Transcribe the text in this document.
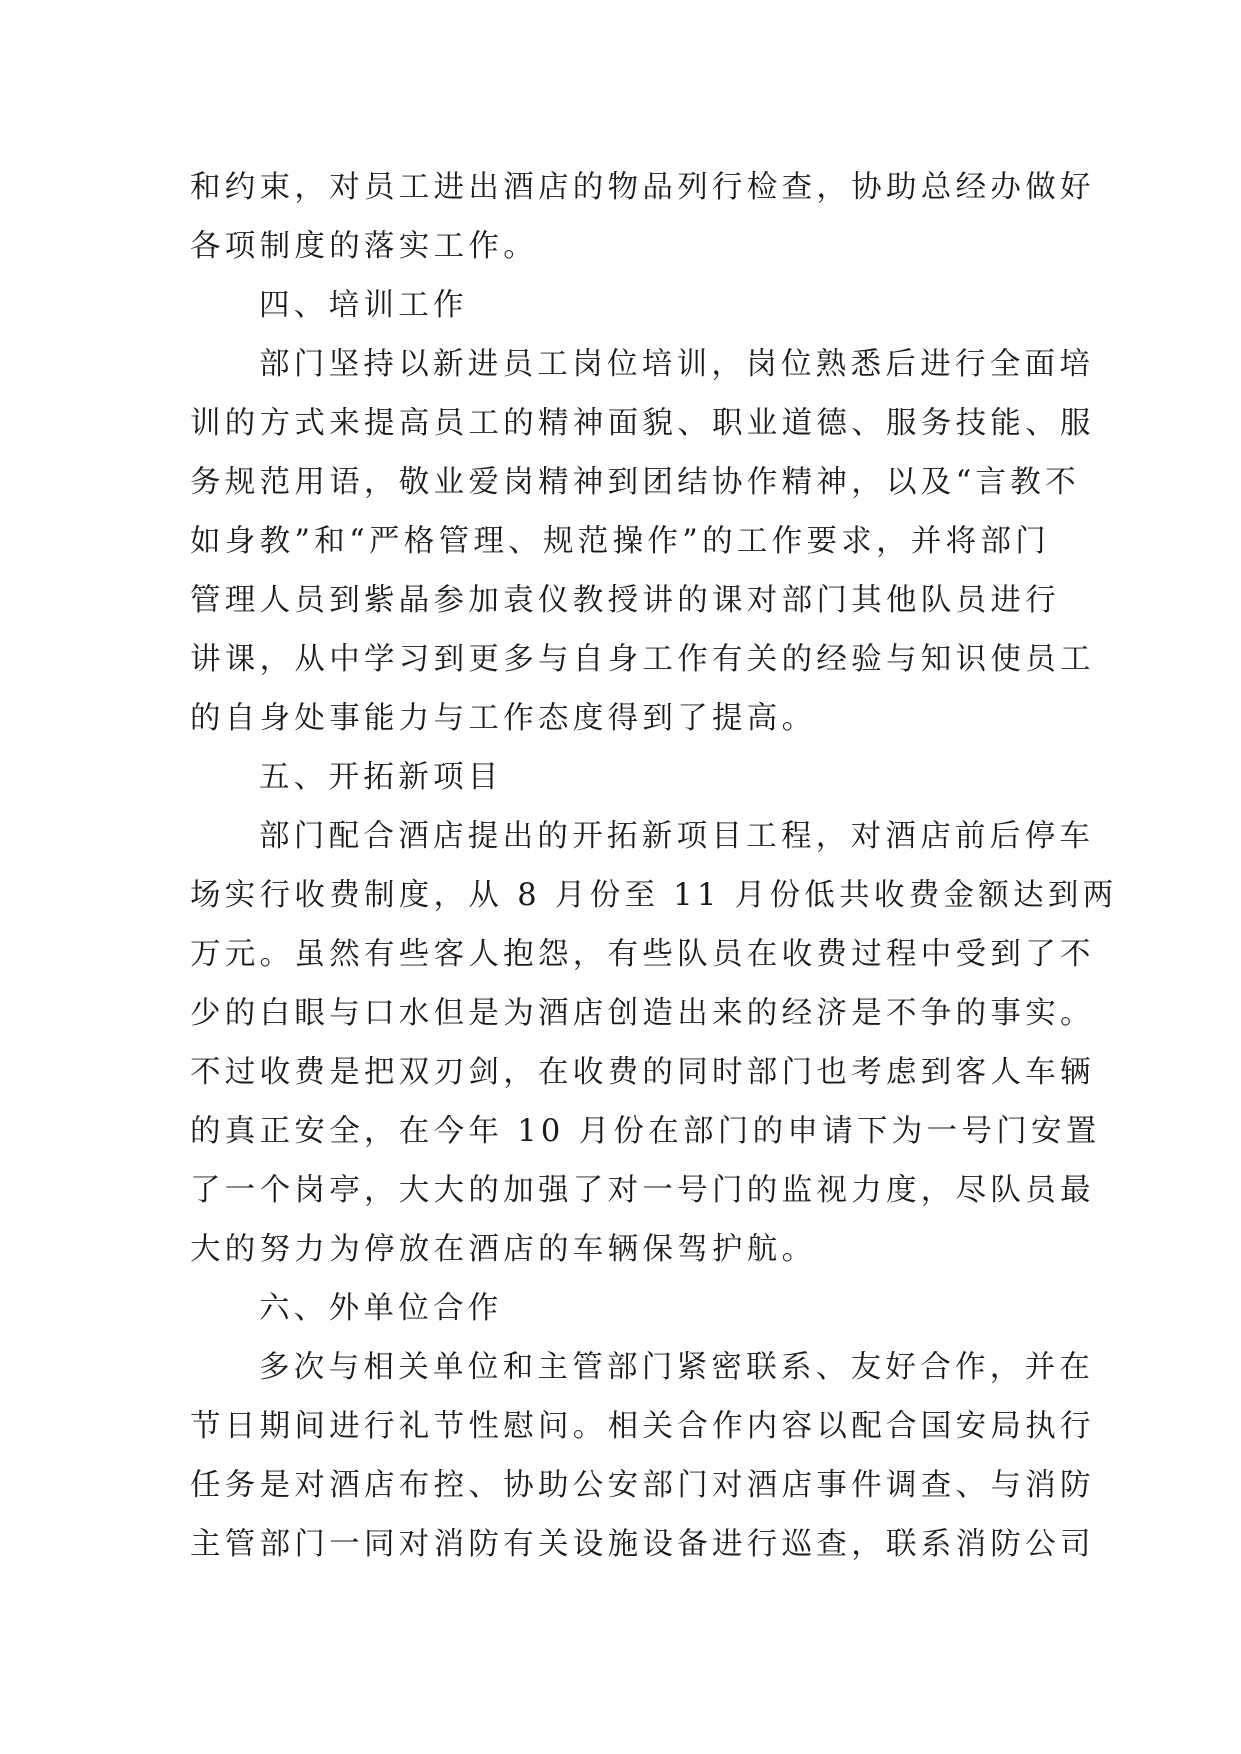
和约束，对员工进出酒店的物品列行检查，协助总经办做好
各项制度的落实工作。
四、培训工作
部门坚持以新进员工岗位培训，岗位熟悉后进行全面培
训的方式来提高员工的精神面貌、职业道德、服务技能、服
务规范用语，敬业爱岗精神到团结协作精神，以及“言教不
如身教”和“严格管理、规范操作”的工作要求，并将部门
管理人员到紫晶参加袁仪教授讲的课对部门其他队员进行
讲课，从中学习到更多与自身工作有关的经验与知识使员工
的自身处事能力与工作态度得到了提高。
五、开拓新项目
部门配合酒店提出的开拓新项目工程，对酒店前后停车
场实行收费制度，从 8 月份至 11 月份低共收费金额达到两
万元。虽然有些客人抱怨，有些队员在收费过程中受到了不
少的白眼与口水但是为酒店创造出来的经济是不争的事实。
不过收费是把双刃剑，在收费的同时部门也考虑到客人车辆
的真正安全，在今年 10 月份在部门的申请下为一号门安置
了一个岗亭，大大的加强了对一号门的监视力度，尽队员最
大的努力为停放在酒店的车辆保驾护航。
六、外单位合作
多次与相关单位和主管部门紧密联系、友好合作，并在
节日期间进行礼节性慰问。相关合作内容以配合国安局执行
任务是对酒店布控、协助公安部门对酒店事件调查、与消防
主管部门一同对消防有关设施设备进行巡查，联系消防公司
